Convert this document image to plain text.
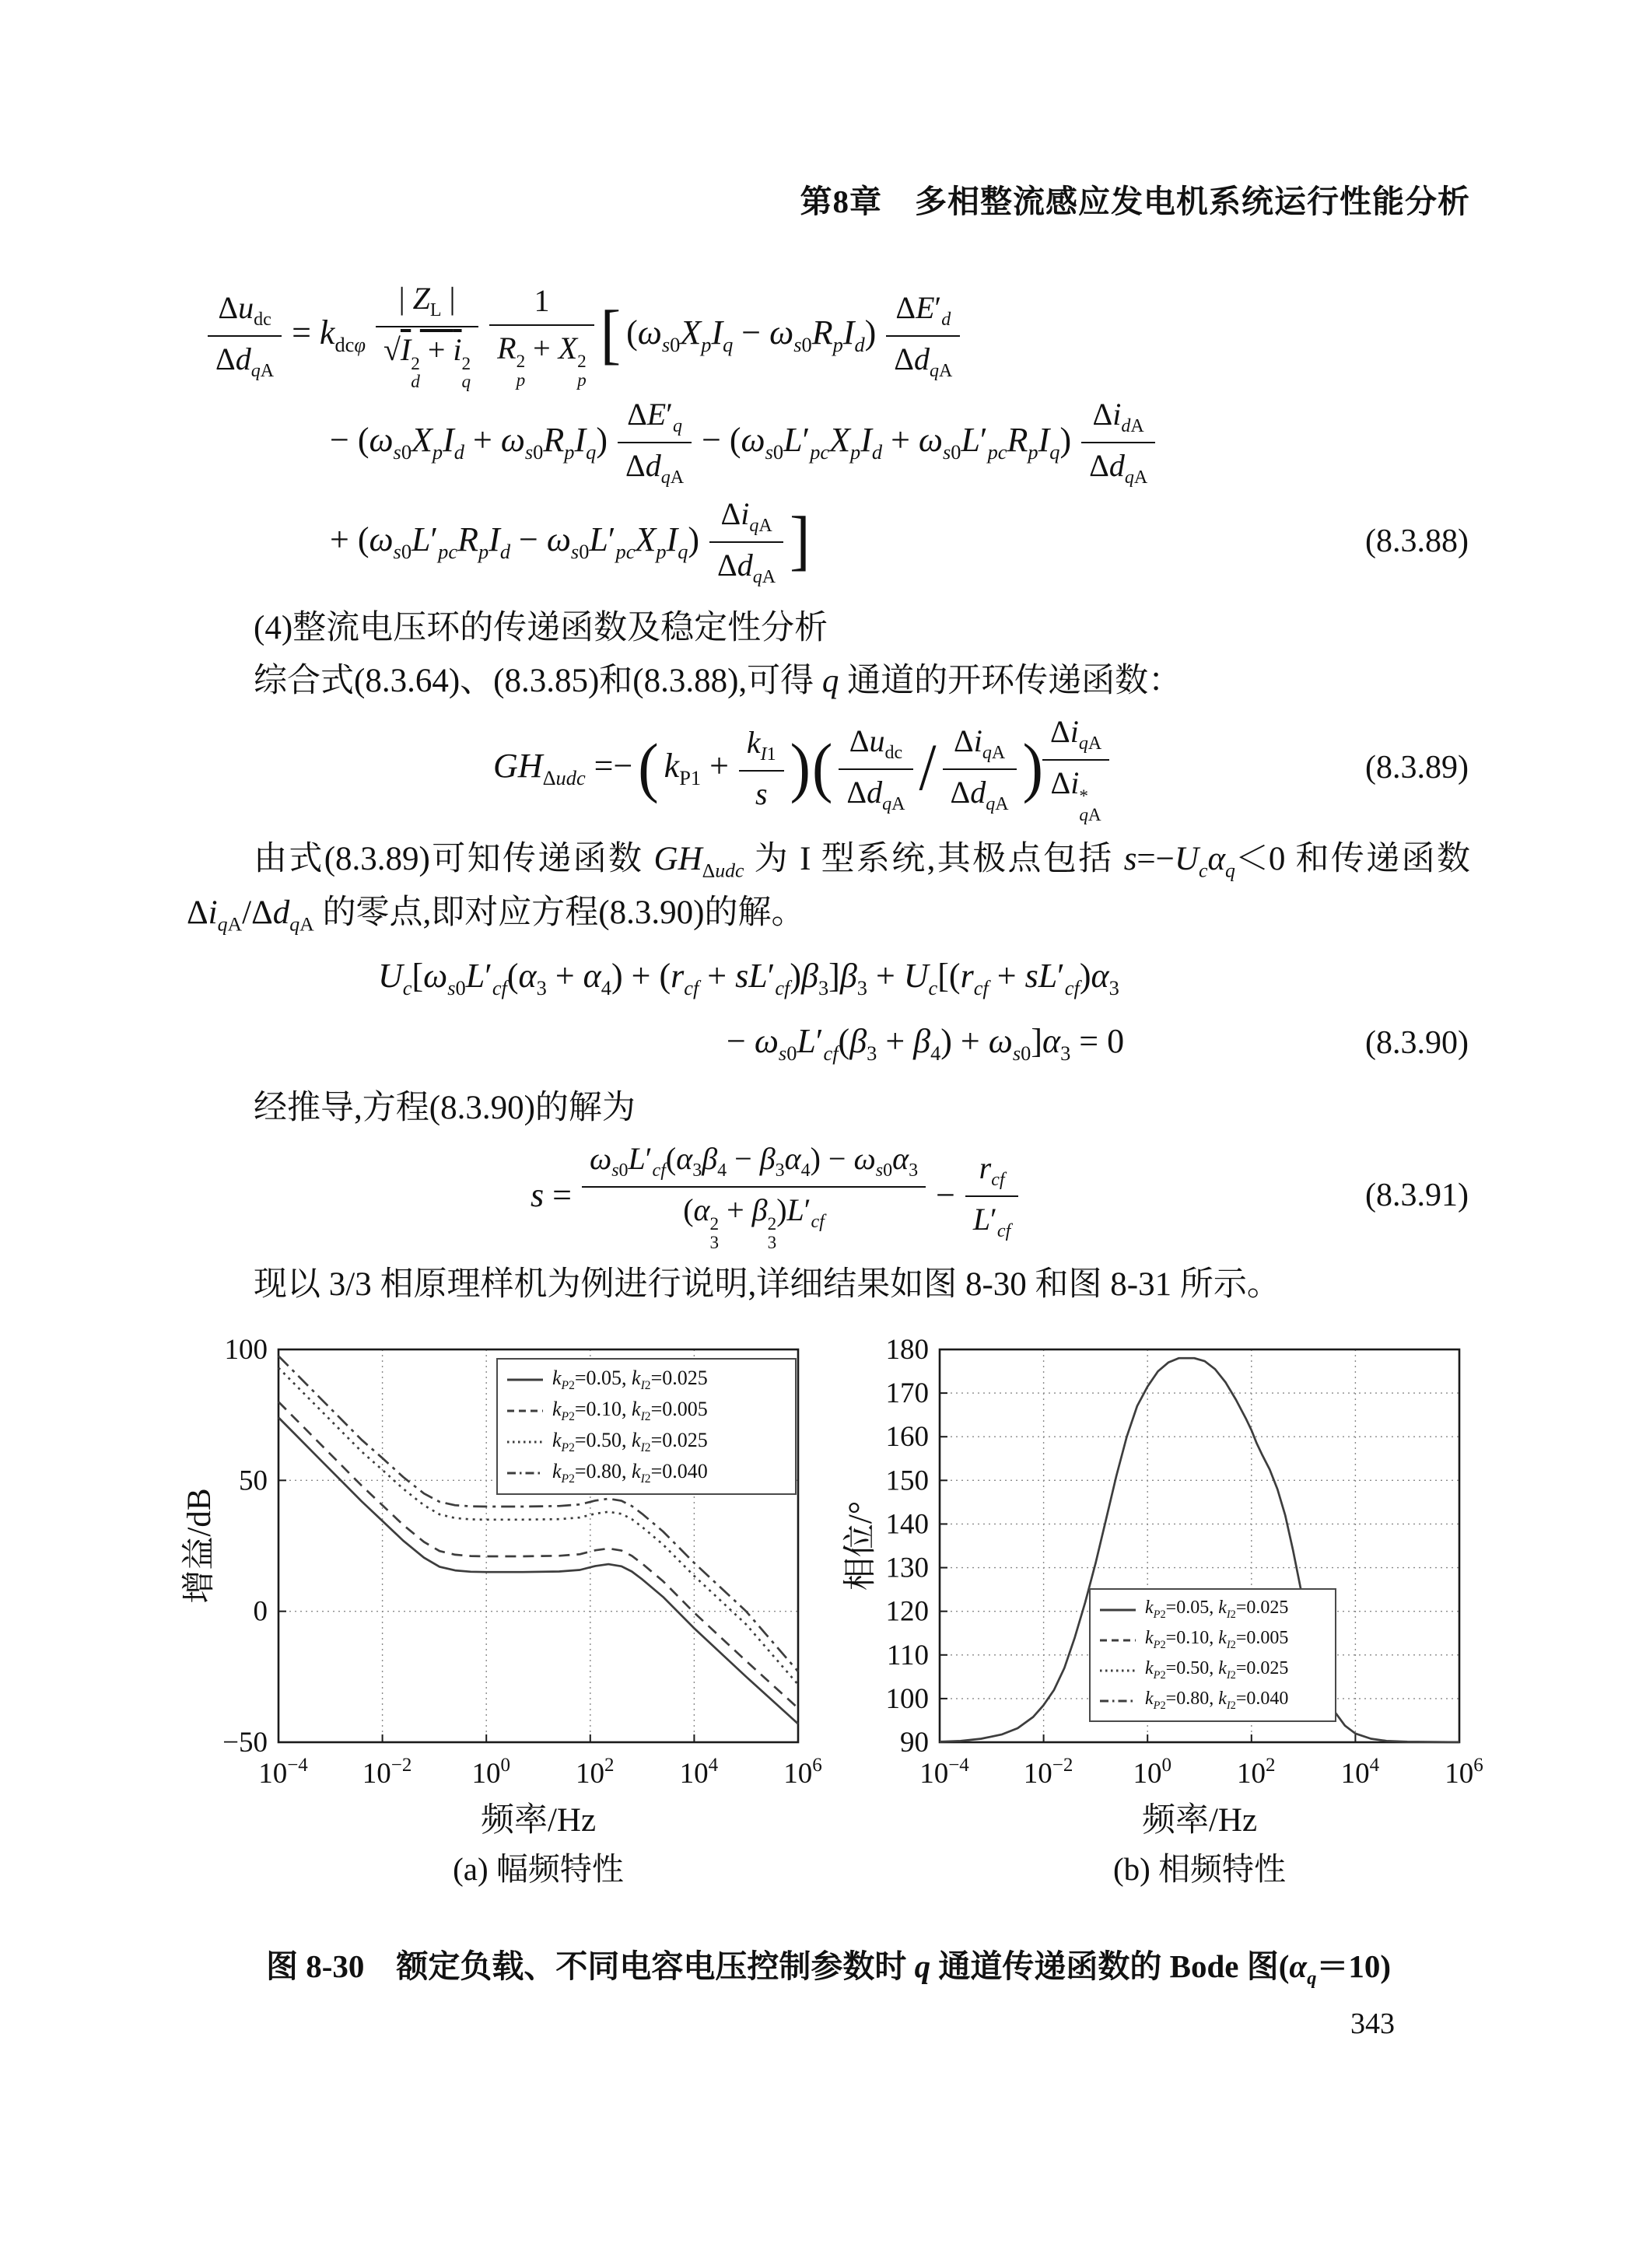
第8章　多相整流感应发电机系统运行性能分析
$\frac{\Delta u_{dc}}{\Delta d_{qA}} = k_{dc\varphi}$ | $Z_L$ |
√I 2
d
+ i 2
q 1
R 2
p
+ X 2
p [ $(\omega_{s0}X_pI_q - \omega_{s0}R_pI_d) \frac{\Delta E'_d}{\Delta d_{qA}}$
− $(\omega_{s0}X_pI_d + \omega_{s0}R_pI_q) \frac{\Delta E'_q}{\Delta d_{qA}} - (\omega_{s0}L'_{pc}X_pI_d + \omega_{s0}L'_{pc}R_pI_q) \frac{\Delta i_{dA}}{\Delta d_{qA}}$
+ $(\omega_{s0}L'_{pc}R_pI_d - \omega_{s0}L'_{pc}X_pI_q) \frac{\Delta i_{qA}}{\Delta d_{qA}}$ ]	(8.3.88)

(4)整流电压环的传递函数及稳定性分析

综合式(8.3.64)、(8.3.85)和(8.3.88),可得 q 通道的开环传递函数：

$GH_{\Delta udc}$ =− ( $k_{P1} + \frac{k_{I1}}{s}$ ) ( $\frac{\Delta u_{dc}}{\Delta d_{qA}} / \frac{\Delta i_{qA}}{\Delta d_{qA}}$ ) $\Delta i_{qA}$
Δi *
qA	(8.3.89)

由式(8.3.89)可知传递函数 $GH_{\Delta udc}$ 为 I 型系统,其极点包括 $s=-U_c\alpha_q<0$ 和传递函数 $\Delta i_{qA}/\Delta d_{qA}$ 的零点,即对应方程(8.3.90)的解。

$U_c[\omega_{s0}L'_{cf}(\alpha_3 + \alpha_4) + (r_{cf} + sL'_{cf})\beta_3]\beta_3 + U_c[(r_{cf} + sL'_{cf})\alpha_3$
− $\omega_{s0}L'_{cf}(\beta_3 + \beta_4) + \omega_{s0}]\alpha_3 = 0$	(8.3.90)

经推导,方程(8.3.90)的解为

$s = \omega_{s0}L'_{cf}(\alpha_3\beta_4 - \beta_3\alpha_4) - \omega_{s0}\alpha_3$
(α 2
3
+ β 2
3
)$L'_{cf} - \frac{r_{cf}}{L'_{cf}}$	(8.3.91)

现以 3/3 相原理样机为例进行说明,详细结果如图 8-30 和图 8-31 所示。

$10^{-4}$ $10^{-2}$ $10^0$ $10^2$ $10^4$ $10^6$
−50
0
50
100
增益/dB
频率/Hz
(a) 幅频特性
$k_{P2}=0.05$, $k_{I2}=0.025$
$k_{P2}=0.10$, $k_{I2}=0.005$
$k_{P2}=0.50$, $k_{I2}=0.025$
$k_{P2}=0.80$, $k_{I2}=0.040$
$10^{-4}$ $10^{-2}$ $10^0$ $10^2$ $10^4$ $10^6$
90
100
110
120
130
140
150
160
170
180
相位/°
频率/Hz
(b) 相频特性
$k_{P2}=0.05$, $k_{I2}=0.025$
$k_{P2}=0.10$, $k_{I2}=0.005$
$k_{P2}=0.50$, $k_{I2}=0.025$
$k_{P2}=0.80$, $k_{I2}=0.040$
图 8-30　额定负载、不同电容电压控制参数时 q 通道传递函数的 Bode 图$(\alpha_q=10)$
343
